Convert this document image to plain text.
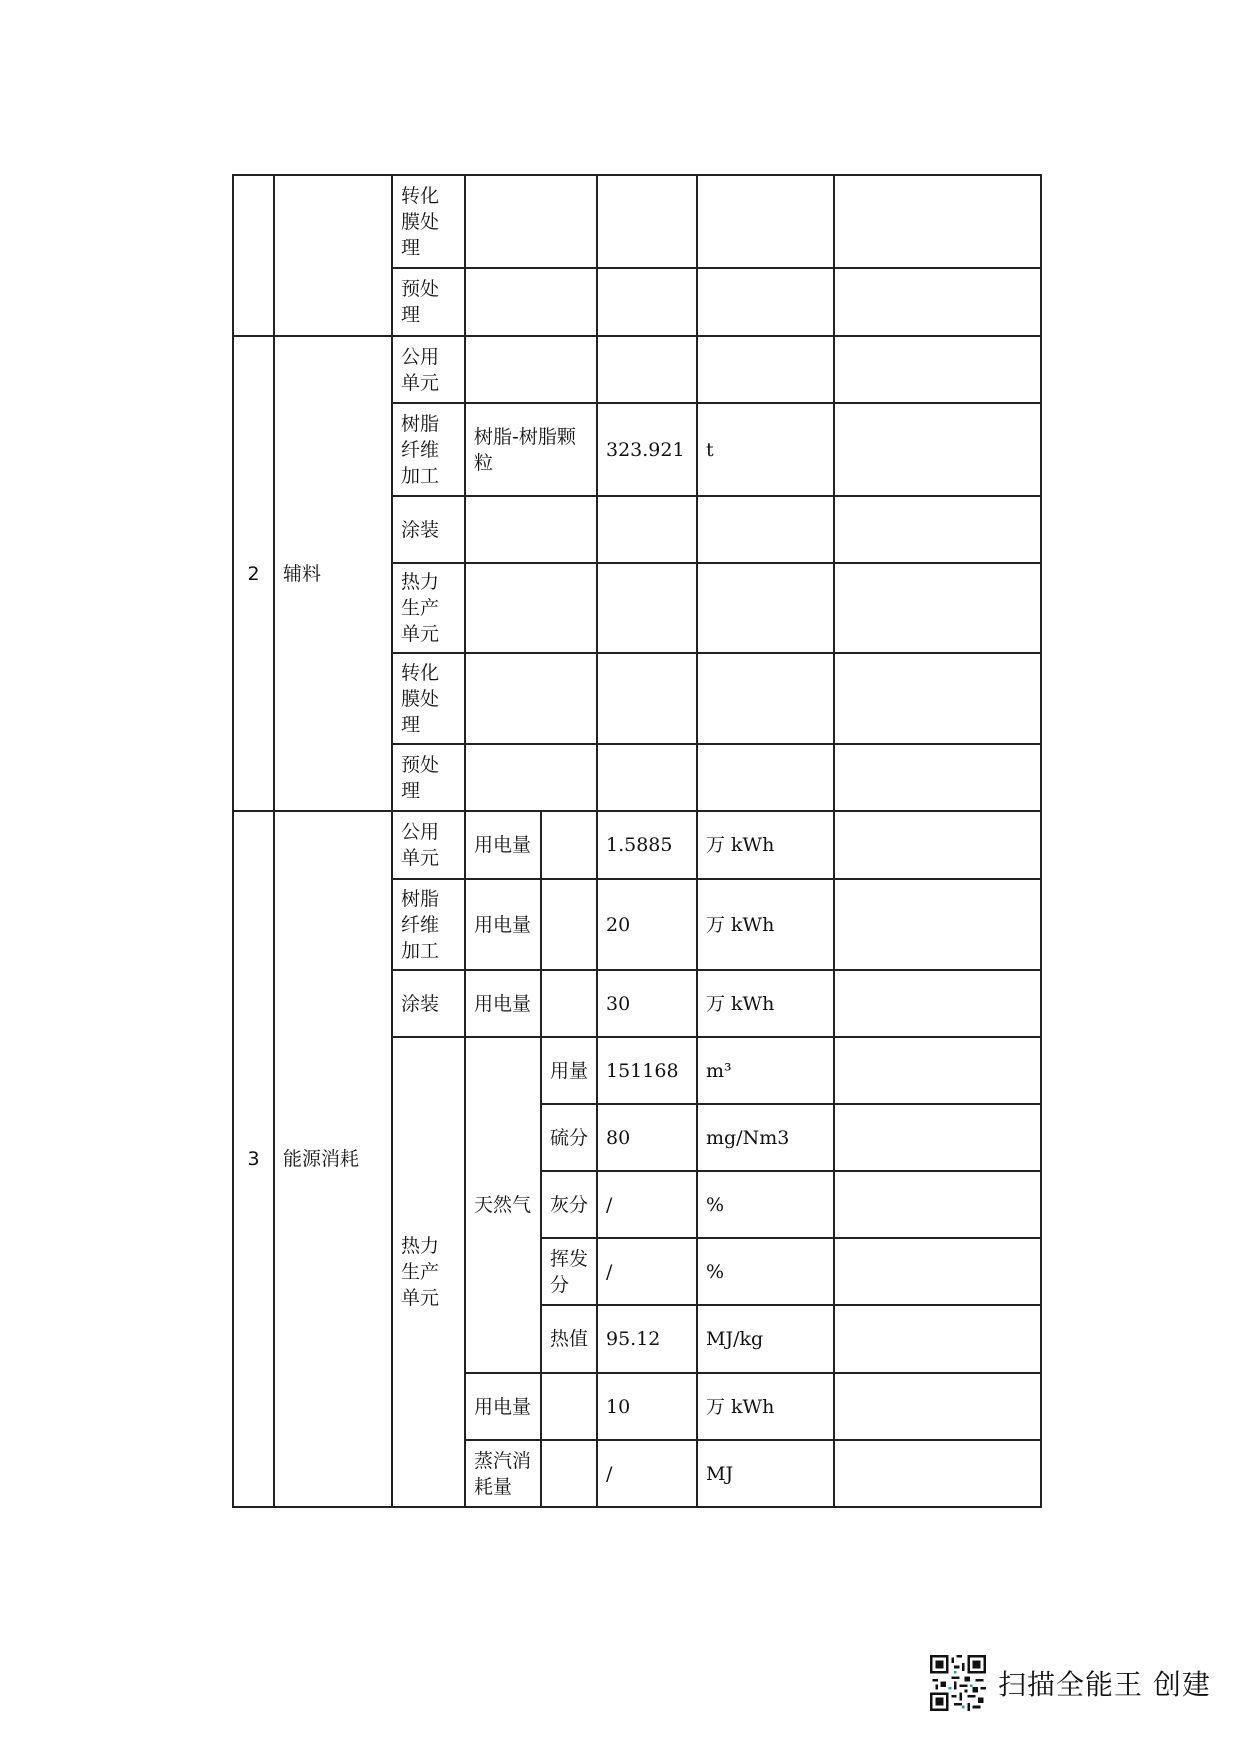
		转化膜处理					

		预处理					

2	辅料	公用单元					

		树脂纤维加工	树脂-树脂颗粒		323.921	t	

		涂装					

		热力生产单元					

		转化膜处理					

		预处理					

3	能源消耗	公用单元	用电量		1.5885	万 kWh	

		树脂纤维加工	用电量		20	万 kWh	

		涂装	用电量		30	万 kWh	

		热力生产单元	天然气	用量	151168	m³	
				硫分	80	mg/Nm3	
				灰分	/	%	

				挥发分	/	%	
				热值	95.12	MJ/kg	
			用电量		10	万 kWh	

			蒸汽消耗量		/	MJ	
扫描全能王 创建
